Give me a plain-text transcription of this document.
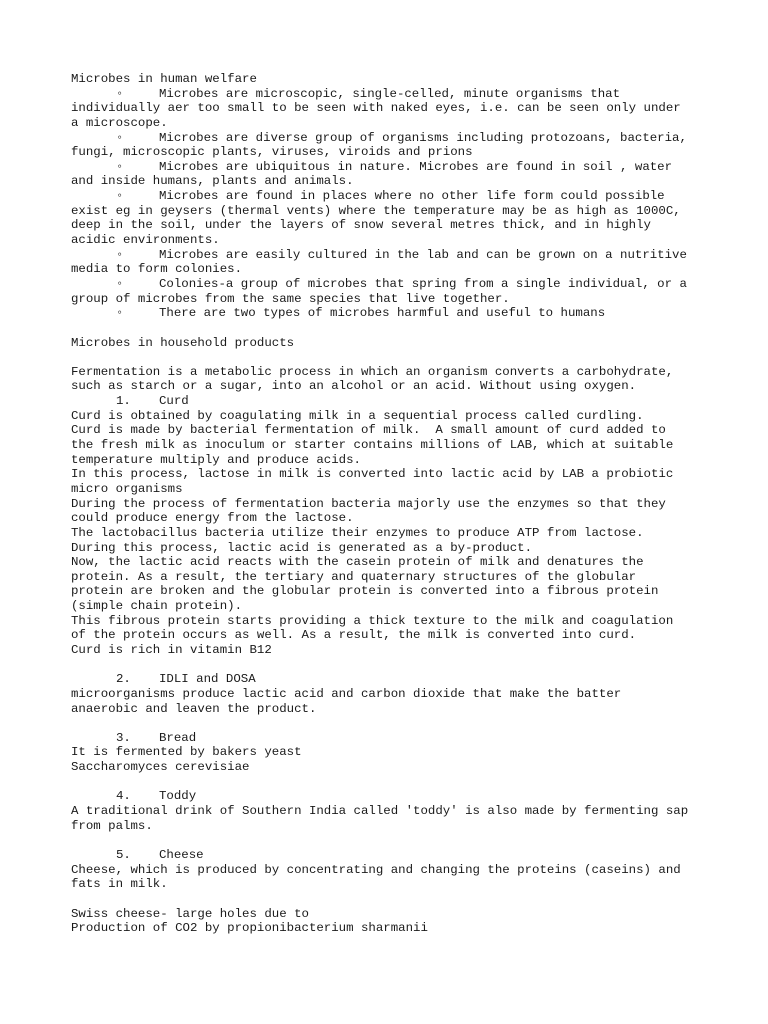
Microbes in human welfare
◦	Microbes are microscopic, single-celled, minute organisms that
individually aer too small to be seen with naked eyes, i.e. can be seen only under
a microscope.
◦	Microbes are diverse group of organisms including protozoans, bacteria,
fungi, microscopic plants, viruses, viroids and prions
◦	Microbes are ubiquitous in nature. Microbes are found in soil , water
and inside humans, plants and animals.
◦	Microbes are found in places where no other life form could possible
exist eg in geysers (thermal vents) where the temperature may be as high as 1000C,
deep in the soil, under the layers of snow several metres thick, and in highly
acidic environments.
◦	Microbes are easily cultured in the lab and can be grown on a nutritive
media to form colonies.
◦	Colonies-a group of microbes that spring from a single individual, or a
group of microbes from the same species that live together.
◦	There are two types of microbes harmful and useful to humans
Microbes in household products
Fermentation is a metabolic process in which an organism converts a carbohydrate,
such as starch or a sugar, into an alcohol or an acid. Without using oxygen.
1. Curd
Curd is obtained by coagulating milk in a sequential process called curdling.
Curd is made by bacterial fermentation of milk.  A small amount of curd added to
the fresh milk as inoculum or starter contains millions of LAB, which at suitable
temperature multiply and produce acids.
In this process, lactose in milk is converted into lactic acid by LAB a probiotic
micro organisms
During the process of fermentation bacteria majorly use the enzymes so that they
could produce energy from the lactose.
The lactobacillus bacteria utilize their enzymes to produce ATP from lactose.
During this process, lactic acid is generated as a by-product.
Now, the lactic acid reacts with the casein protein of milk and denatures the
protein. As a result, the tertiary and quaternary structures of the globular
protein are broken and the globular protein is converted into a fibrous protein
(simple chain protein).
This fibrous protein starts providing a thick texture to the milk and coagulation
of the protein occurs as well. As a result, the milk is converted into curd.
Curd is rich in vitamin B12
2. IDLI and DOSA
microorganisms produce lactic acid and carbon dioxide that make the batter
anaerobic and leaven the product.
3. Bread
It is fermented by bakers yeast
Saccharomyces cerevisiae
4. Toddy
A traditional drink of Southern India called 'toddy' is also made by fermenting sap
from palms.
5. Cheese
Cheese, which is produced by concentrating and changing the proteins (caseins) and
fats in milk.
Swiss cheese- large holes due to
Production of CO2 by propionibacterium sharmanii
